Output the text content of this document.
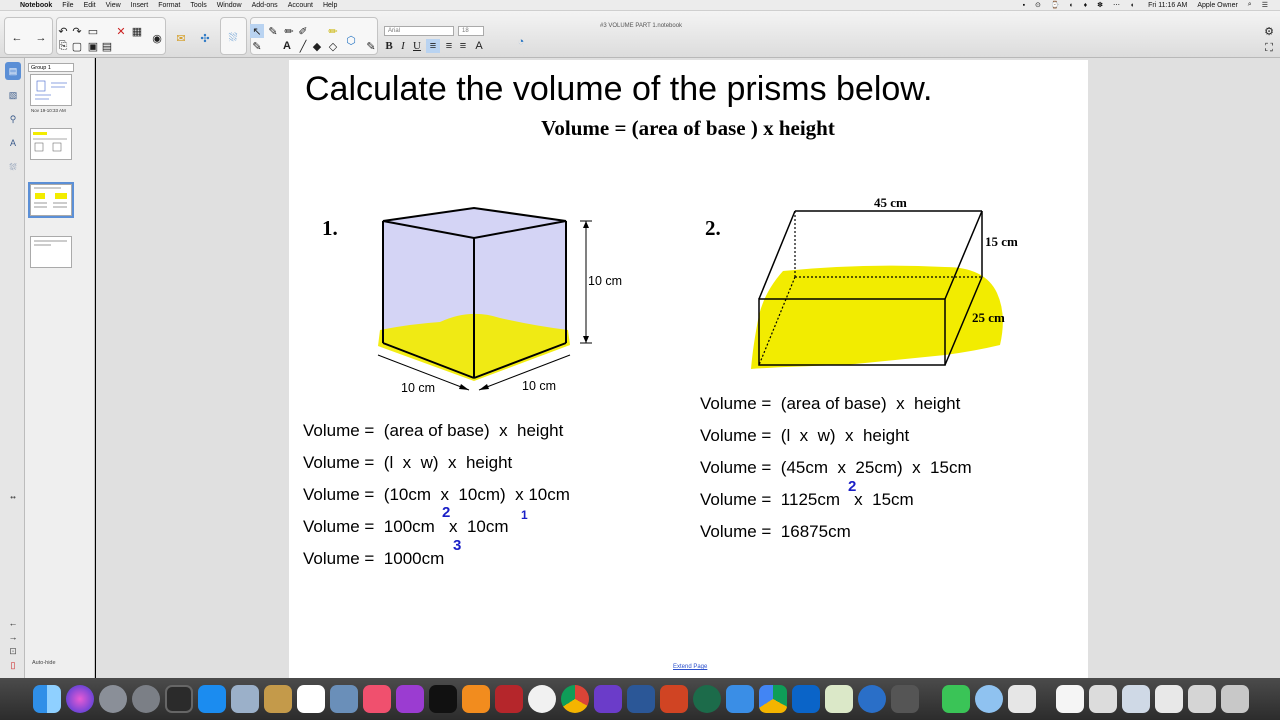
Notebook File Edit View Insert Format Tools Window Add-ons Account Help	▪ ⊙ ⌚ ◐ ♦ ✽ ⋯ ◖ Fri 11:16 AM Apple Owner ⌕ ☰
#3 VOLUME PART 1.notebook
← →
↶ ↷ ▭ ✕ ▦
⎘ ▢ ▣ ▤
◉ ✉ ✣ ⛆ ↖ ✎ ✏ ✐ ✏
✎ A ╱ ◆ ◇ ⬡ ✎
Arial	18
B I U ≡ ≡ ≡ A	◔
⚙
⛶
▤
▧
⚲
A
⛆
••
←
→
⊡
▯
Group 1
Nov 19-10:33 AM
Auto-hide
Calculate the volume of the prisms below.
Volume = (area of base ) x height
1.
10 cm
10 cm	10 cm
Volume =  (area of base)  x  height
Volume =  (l  x  w)  x  height
Volume =  (10cm  x  10cm)  x 10cm
Volume =  100cm   x  10cm
Volume =  1000cm
2	1
3
2.
45 cm
15 cm
25 cm
Volume =  (area of base)  x  height
Volume =  (l  x  w)  x  height
Volume =  (45cm  x  25cm)  x  15cm
Volume =  1125cm   x  15cm
Volume =  16875cm
2
Extend Page
